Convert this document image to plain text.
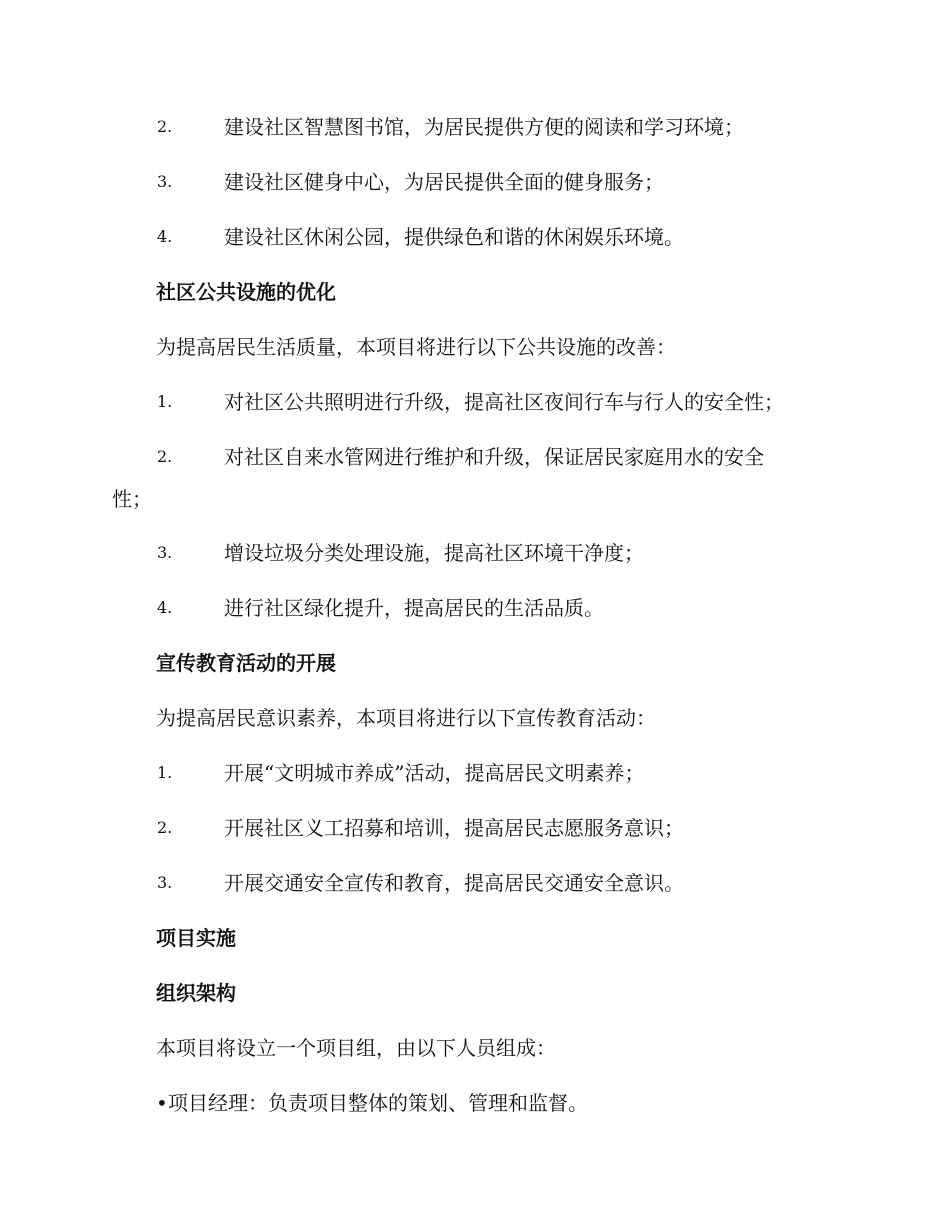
2.	建设社区智慧图书馆，为居民提供方便的阅读和学习环境；
3.	建设社区健身中心，为居民提供全面的健身服务；
4.	建设社区休闲公园，提供绿色和谐的休闲娱乐环境。
社区公共设施的优化
为提高居民生活质量，本项目将进行以下公共设施的改善：
1.	对社区公共照明进行升级，提高社区夜间行车与行人的安全性；
2.	对社区自来水管网进行维护和升级，保证居民家庭用水的安全
性；
3.	增设垃圾分类处理设施，提高社区环境干净度；
4.	进行社区绿化提升，提高居民的生活品质。
宣传教育活动的开展
为提高居民意识素养，本项目将进行以下宣传教育活动：
1.	开展“文明城市养成”活动，提高居民文明素养；
2.	开展社区义工招募和培训，提高居民志愿服务意识；
3.	开展交通安全宣传和教育，提高居民交通安全意识。
项目实施
组织架构
本项目将设立一个项目组，由以下人员组成：
• 项目经理：负责项目整体的策划、管理和监督。
